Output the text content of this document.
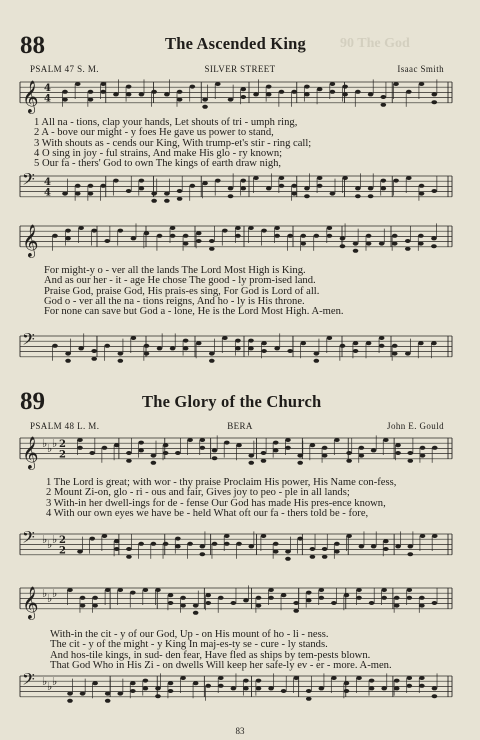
90 The God
88	The Ascended King
PSALM 47 S. M.	SILVER STREET	Isaac Smith
𝄞 4
4
1 All na - tions, clap your hands, Let shouts of tri - umph ring,
2 A - bove our might - y foes He gave us power to stand,
3 With shouts as - cends our King, With trump-et's stir - ring call;
4 O sing in joy - ful strains, And make His glo - ry known;
5 Our fa - thers' God to own The kings of earth draw nigh,
𝄢 4
4
𝄞
For might-y o - ver all the lands The Lord Most High is King.
And as our her - it - age He chose The good - ly prom-ised land.
Praise God, praise God, His prais-es sing, For God is Lord of all.
God o - ver all the na - tions reigns, And ho - ly is His throne.
For none can save but God a - lone, He is the Lord Most High. A-men.
𝄢
89	The Glory of the Church
PSALM 48 L. M.	BERA	John E. Gould
𝄞 ♭ ♭ ♭ 2
2
1 The Lord is great; with wor - thy praise Proclaim His power, His Name con-fess,
2 Mount Zi-on, glo - ri - ous and fair, Gives joy to peo - ple in all lands;
3 With-in her dwell-ings for de - fense Our God has made His pres-ence known,
4 With our own eyes we have be - held What oft our fa - thers told be - fore,
𝄢 ♭ ♭ ♭ 2
2
𝄞 ♭ ♭ ♭
With-in the cit - y of our God, Up - on His mount of ho - li - ness.
The cit - y of the might - y King In maj-es-ty se - cure - ly stands.
And hos-tile kings, in sud- den fear, Have fled as ships by tem-pests blown.
That God Who in His Zi - on dwells Will keep her safe-ly ev - er - more. A-men.
𝄢 ♭ ♭ ♭
83
